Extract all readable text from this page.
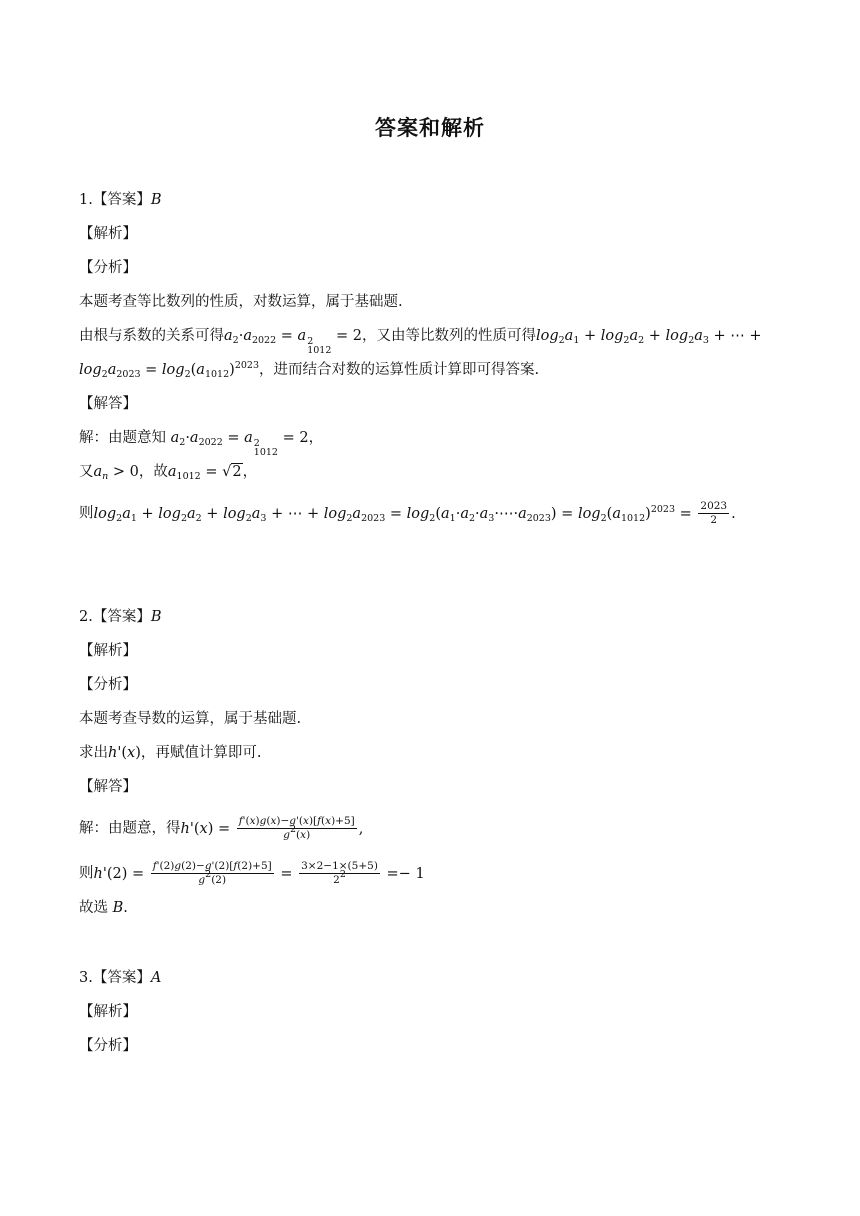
答案和解析
1.【答案】B
【解析】
【分析】
本题考查等比数列的性质，对数运算，属于基础题.
由根与系数的关系可得$a_2\cdot a_{2022} = a$ 2
1012
= 2，又由等比数列的性质可得$\log_2a_1 + \log_2a_2 + \log_2a_3$ + ⋯ +
$\log_2a_{2023} = \log_2(a_{1012})^{2023}$，进而结合对数的运算性质计算即可得答案.
【解答】
解：由题意知 $a_2\cdot a_{2022} = a$ 2
1012
= 2，
又$a_n > 0$，故$a_{1012} = √2$，
则$\log_2a_1 + \log_2a_2 + \log_2a_3$ + ⋯ + $\log_2a_{2023}$ = $\log_2(a_1\cdot a_2\cdot a_3\cdot\cdots\cdot a_{2023}) = \log_2(a_{1012})^{2023} = \frac{2023}{2}$ .
2.【答案】B
【解析】
【分析】
本题考查导数的运算，属于基础题.
求出h'(x)，再赋值计算即可.
【解答】
解：由题意，得$h'(x) = \frac{f'(x)g(x)-g'(x)[f(x)+5]}{g^2(x)}$ ,
则$h'(2) = \frac{f'(2)g(2)-g'(2)[f(2)+5]}{g^2(2)} = \frac{3\times 2-1\times(5+5)}{2^2} =- 1$
故选 B.
3.【答案】A
【解析】
【分析】
